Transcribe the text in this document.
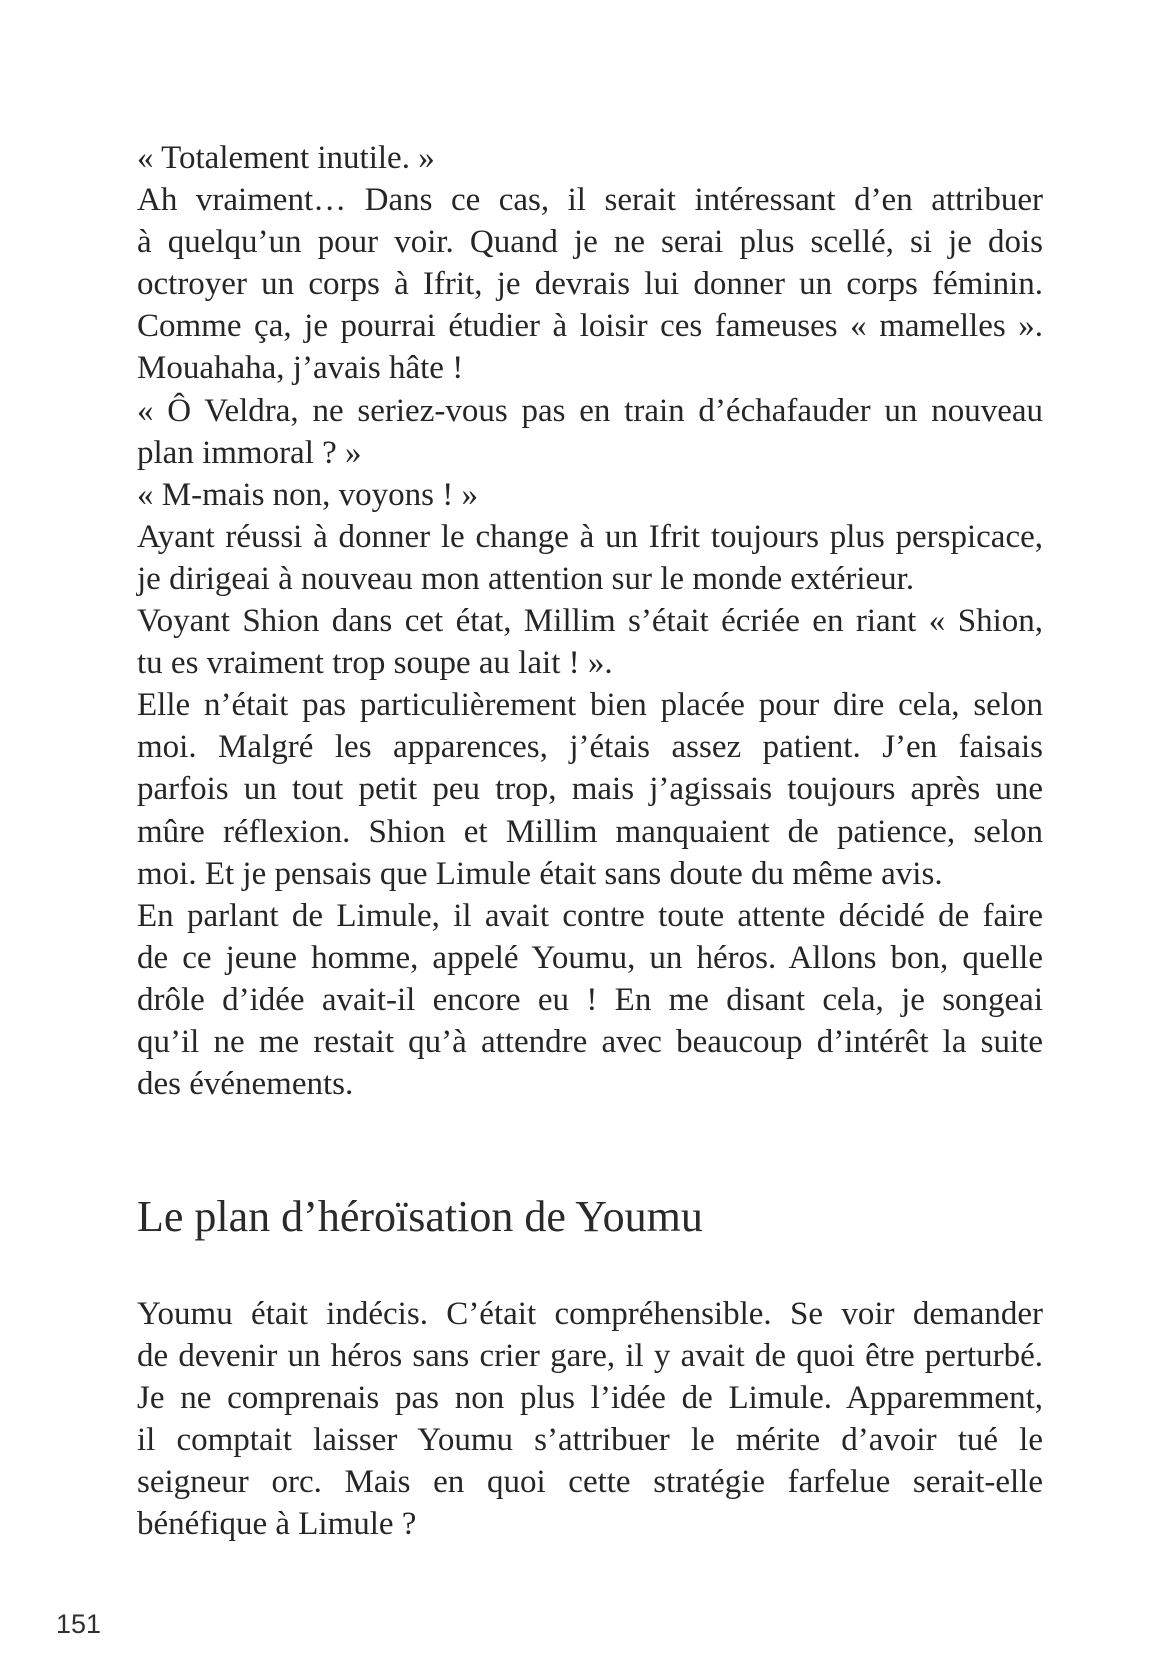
« Totalement inutile. »
Ah vraiment… Dans ce cas, il serait intéressant d’en attribuer
à quelqu’un pour voir. Quand je ne serai plus scellé, si je dois
octroyer un corps à Ifrit, je devrais lui donner un corps féminin.
Comme ça, je pourrai étudier à loisir ces fameuses « mamelles ».
Mouahaha, j’avais hâte !
« Ô Veldra, ne seriez-vous pas en train d’échafauder un nouveau
plan immoral ? »
« M-mais non, voyons ! »
Ayant réussi à donner le change à un Ifrit toujours plus perspicace,
je dirigeai à nouveau mon attention sur le monde extérieur.
Voyant Shion dans cet état, Millim s’était écriée en riant « Shion,
tu es vraiment trop soupe au lait ! ».
Elle n’était pas particulièrement bien placée pour dire cela, selon
moi. Malgré les apparences, j’étais assez patient. J’en faisais
parfois un tout petit peu trop, mais j’agissais toujours après une
mûre réflexion. Shion et Millim manquaient de patience, selon
moi. Et je pensais que Limule était sans doute du même avis.
En parlant de Limule, il avait contre toute attente décidé de faire
de ce jeune homme, appelé Youmu, un héros. Allons bon, quelle
drôle d’idée avait-il encore eu ! En me disant cela, je songeai
qu’il ne me restait qu’à attendre avec beaucoup d’intérêt la suite
des événements.
Le plan d’héroïsation de Youmu
Youmu était indécis. C’était compréhensible. Se voir demander
de devenir un héros sans crier gare, il y avait de quoi être perturbé.
Je ne comprenais pas non plus l’idée de Limule. Apparemment,
il comptait laisser Youmu s’attribuer le mérite d’avoir tué le
seigneur orc. Mais en quoi cette stratégie farfelue serait-elle
bénéfique à Limule ?
151
